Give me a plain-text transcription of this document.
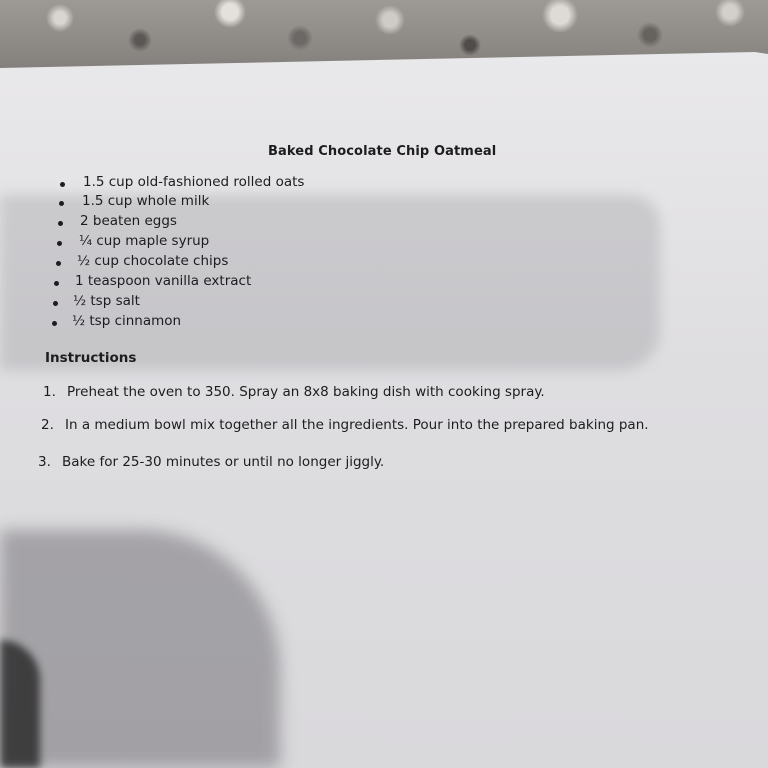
Baked Chocolate Chip Oatmeal
1.5 cup old-fashioned rolled oats
1.5 cup whole milk
2 beaten eggs
¼ cup maple syrup
½ cup chocolate chips
1 teaspoon vanilla extract
½ tsp salt
½ tsp cinnamon
Instructions
1. Preheat the oven to 350. Spray an 8x8 baking dish with cooking spray.
2. In a medium bowl mix together all the ingredients. Pour into the prepared baking pan.
3. Bake for 25-30 minutes or until no longer jiggly.
